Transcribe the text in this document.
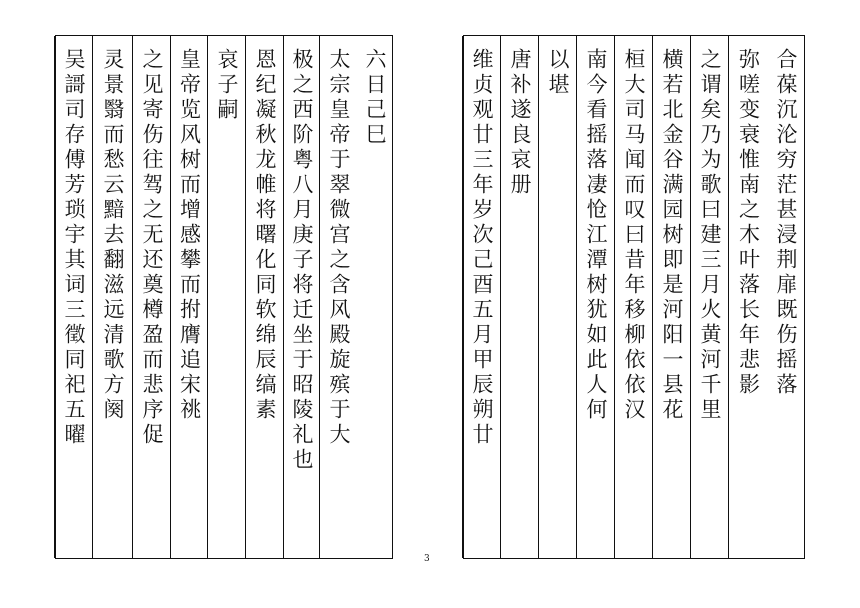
六日己巳
太宗皇帝于翠微宫之含风殿旋殡于大
极之西阶粤八月庚子将迁坐于昭陵礼也
恩纪凝秋龙帷将曙化同软绵辰缟素
哀子嗣
皇帝览风树而增感攀而拊膺追宋祧
之见寄伤往驾之无还奠樽盈而悲序促
灵景翳而愁云黯去翻滋远清歌方阕
吴謌司存傅芳琐宇其词三徵同祀五曜	合葆沉沦穷茫甚浸荆扉既伤摇落
弥嗟变衰惟南之木叶落长年悲影
之谓矣乃为歌曰建三月火黄河千里
横若北金谷满园树即是河阳一县花
桓大司马闻而叹曰昔年移柳依依汉
南今看摇落凄怆江潭树犹如此人何
以堪
唐补遂良哀册
维贞观廿三年岁次己酉五月甲辰朔廿
3
